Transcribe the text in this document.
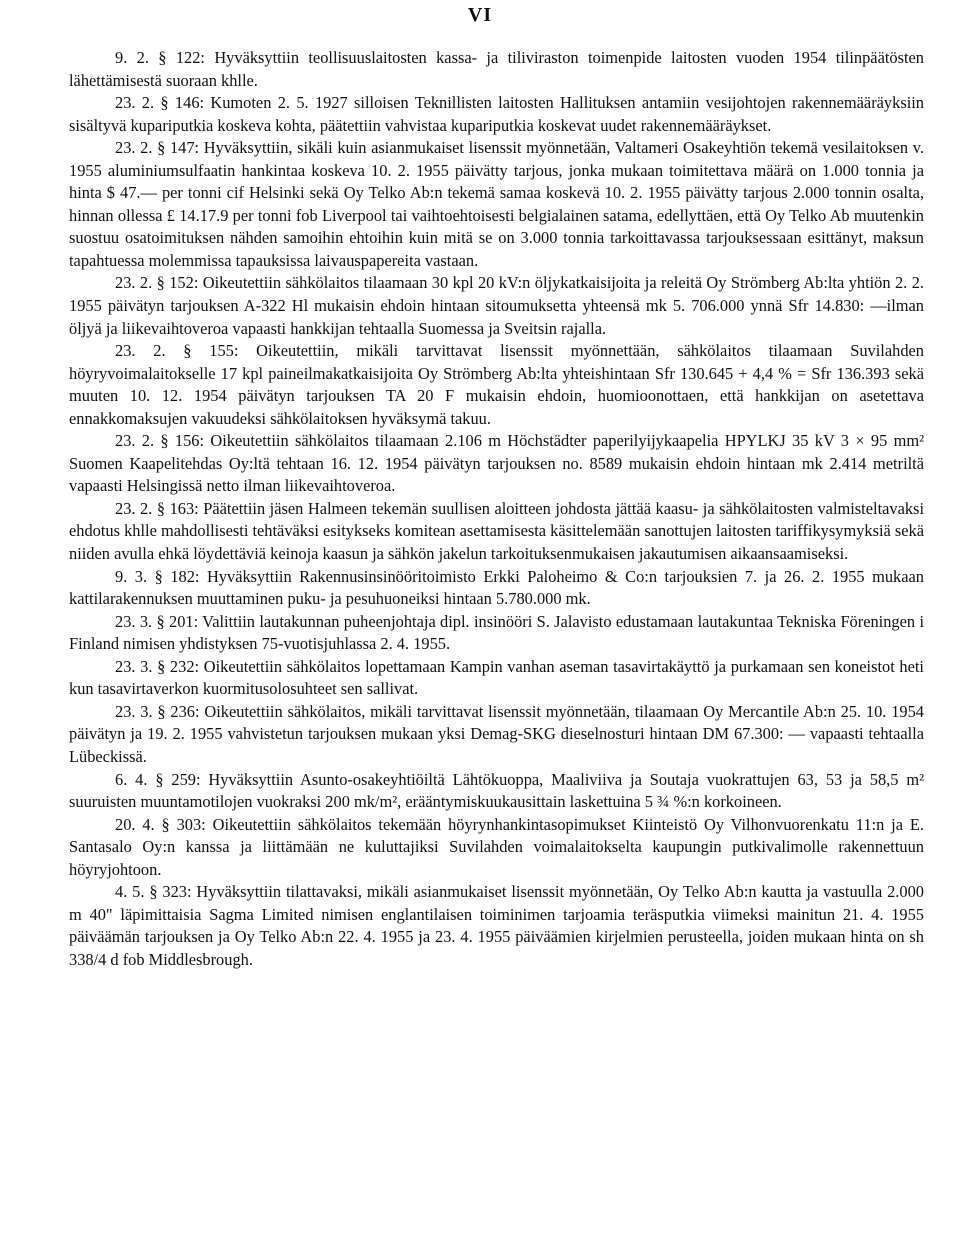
VI

9. 2. § 122: Hyväksyttiin teollisuuslaitosten kassa- ja tiliviraston toimenpide laitosten vuoden 1954 tilinpäätösten lähettämisestä suoraan khlle.

23. 2. § 146: Kumoten 2. 5. 1927 silloisen Teknillisten laitosten Hallituksen antamiin vesijohtojen rakennemääräyksiin sisältyvä kupariputkia koskeva kohta, päätettiin vahvistaa kupariputkia koskevat uudet rakennemääräykset.

23. 2. § 147: Hyväksyttiin, sikäli kuin asianmukaiset lisenssit myönnetään, Valtameri Osakeyhtiön tekemä vesilaitoksen v. 1955 aluminiumsulfaatin hankintaa koskeva 10. 2. 1955 päivätty tarjous, jonka mukaan toimitettava määrä on 1.000 tonnia ja hinta $ 47.— per tonni cif Helsinki sekä Oy Telko Ab:n tekemä samaa koskevä 10. 2. 1955 päivätty tarjous 2.000 tonnin osalta, hinnan ollessa £ 14.17.9 per tonni fob Liverpool tai vaihtoehtoisesti belgialainen satama, edellyttäen, että Oy Telko Ab muutenkin suostuu osatoimituksen nähden samoihin ehtoihin kuin mitä se on 3.000 tonnia tarkoittavassa tarjouksessaan esittänyt, maksun tapahtuessa molemmissa tapauksissa laivauspapereita vastaan.

23. 2. § 152: Oikeutettiin sähkölaitos tilaamaan 30 kpl 20 kV:n öljykatkaisijoita ja releitä Oy Strömberg Ab:lta yhtiön 2. 2. 1955 päivätyn tarjouksen A-322 Hl mukaisin ehdoin hintaan sitoumuksetta yhteensä mk 5. 706.000 ynnä Sfr 14.830: —ilman öljyä ja liikevaihtoveroa vapaasti hankkijan tehtaalla Suomessa ja Sveitsin rajalla.

23. 2. § 155: Oikeutettiin, mikäli tarvittavat lisenssit myönnettään, sähkölaitos tilaamaan Suvilahden höyryvoimalaitokselle 17 kpl paineilmakatkaisijoita Oy Strömberg Ab:lta yhteishintaan Sfr 130.645 + 4,4 % = Sfr 136.393 sekä muuten 10. 12. 1954 päivätyn tarjouksen TA 20 F mukaisin ehdoin, huomioonottaen, että hankkijan on asetettava ennakkomaksujen vakuudeksi sähkölaitoksen hyväksymä takuu.

23. 2. § 156: Oikeutettiin sähkölaitos tilaamaan 2.106 m Höchstädter paperilyijykaapelia HPYLKJ 35 kV 3 × 95 mm² Suomen Kaapelitehdas Oy:ltä tehtaan 16. 12. 1954 päivätyn tarjouksen no. 8589 mukaisin ehdoin hintaan mk 2.414 metriltä vapaasti Helsingissä netto ilman liikevaihtoveroa.

23. 2. § 163: Päätettiin jäsen Halmeen tekemän suullisen aloitteen johdosta jättää kaasu- ja sähkölaitosten valmisteltavaksi ehdotus khlle mahdollisesti tehtäväksi esitykseks komitean asettamisesta käsittelemään sanottujen laitosten tariffikysymyksiä sekä niiden avulla ehkä löydettäviä keinoja kaasun ja sähkön jakelun tarkoituksenmukaisen jakautumisen aikaansaamiseksi.

9. 3. § 182: Hyväksyttiin Rakennusinsinööritoimisto Erkki Paloheimo & Co:n tarjouksien 7. ja 26. 2. 1955 mukaan kattilarakennuksen muuttaminen puku- ja pesuhuoneiksi hintaan 5.780.000 mk.

23. 3. § 201: Valittiin lautakunnan puheenjohtaja dipl. insinööri S. Jalavisto edustamaan lautakuntaa Tekniska Föreningen i Finland nimisen yhdistyksen 75-vuotisjuhlassa 2. 4. 1955.

23. 3. § 232: Oikeutettiin sähkölaitos lopettamaan Kampin vanhan aseman tasavirtakäyttö ja purkamaan sen koneistot heti kun tasavirtaverkon kuormitusolosuhteet sen sallivat.

23. 3. § 236: Oikeutettiin sähkölaitos, mikäli tarvittavat lisenssit myönnetään, tilaamaan Oy Mercantile Ab:n 25. 10. 1954 päivätyn ja 19. 2. 1955 vahvistetun tarjouksen mukaan yksi Demag-SKG dieselnosturi hintaan DM 67.300: — vapaasti tehtaalla Lübeckissä.

6. 4. § 259: Hyväksyttiin Asunto-osakeyhtiöiltä Lähtökuoppa, Maaliviiva ja Soutaja vuokrattujen 63, 53 ja 58,5 m² suuruisten muuntamotilojen vuokraksi 200 mk/m², erääntymiskuukausittain laskettuina 5 ¾ %:n korkoineen.

20. 4. § 303: Oikeutettiin sähkölaitos tekemään höyrynhankintasopimukset Kiinteistö Oy Vilhonvuorenkatu 11:n ja E. Santasalo Oy:n kanssa ja liittämään ne kuluttajiksi Suvilahden voimalaitokselta kaupungin putkivalimolle rakennettuun höyryjohtoon.

4. 5. § 323: Hyväksyttiin tilattavaksi, mikäli asianmukaiset lisenssit myönnetään, Oy Telko Ab:n kautta ja vastuulla 2.000 m 40" läpimittaisia Sagma Limited nimisen englantilaisen toiminimen tarjoamia teräsputkia viimeksi mainitun 21. 4. 1955 päiväämän tarjouksen ja Oy Telko Ab:n 22. 4. 1955 ja 23. 4. 1955 päiväämien kirjelmien perusteella, joiden mukaan hinta on sh 338/4 d fob Middlesbrough.
